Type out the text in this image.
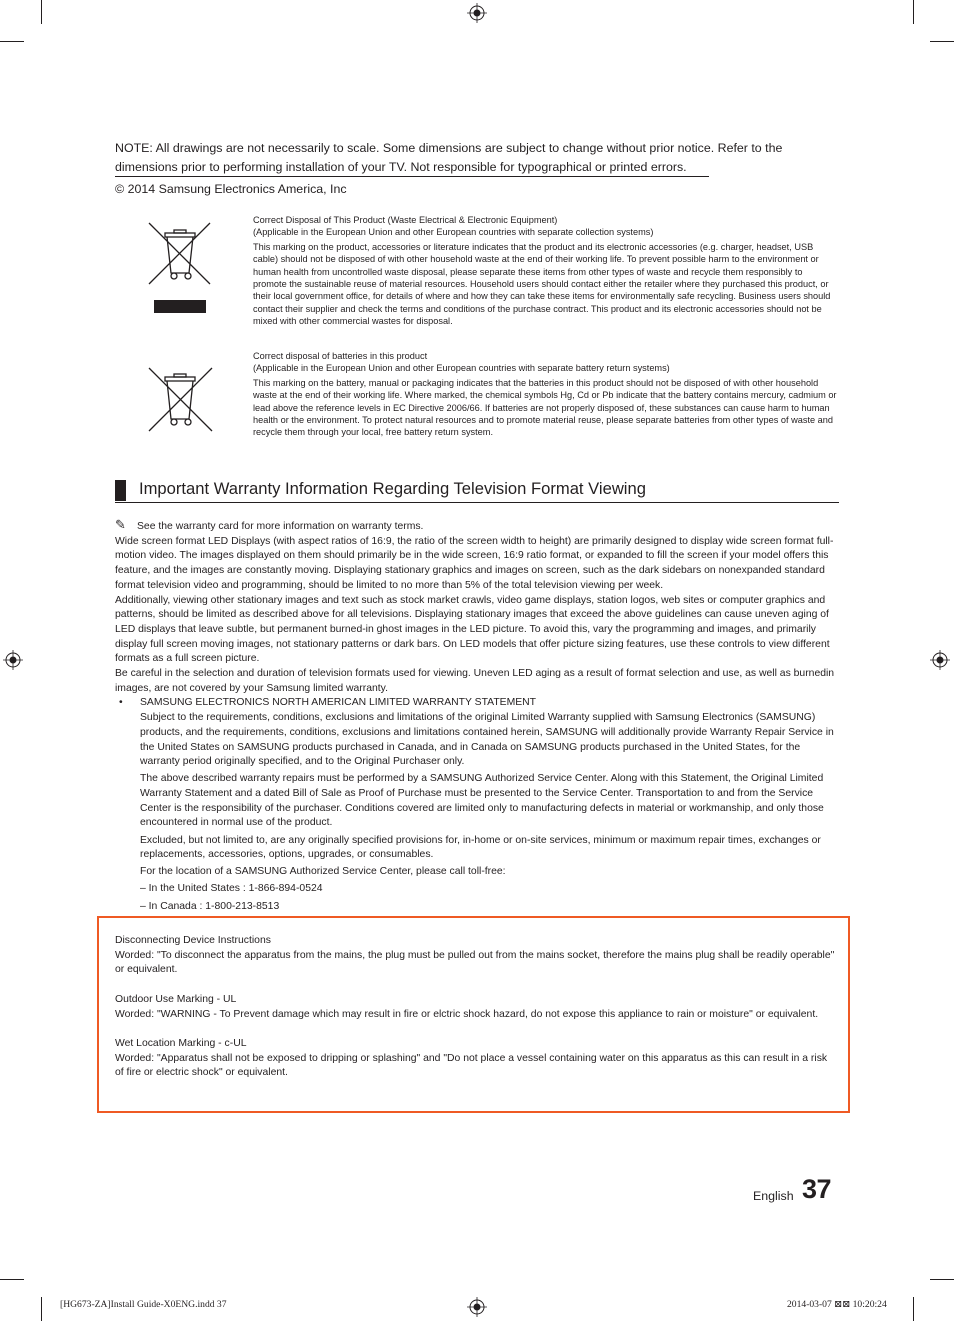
NOTE: All drawings are not necessarily to scale. Some dimensions are subject to change without prior notice. Refer to the dimensions prior to performing installation of your TV. Not responsible for typographical or printed errors.
© 2014 Samsung Electronics America, Inc
Correct Disposal of This Product (Waste Electrical & Electronic Equipment)
(Applicable in the European Union and other European countries with separate collection systems)
This marking on the product, accessories or literature indicates that the product and its electronic accessories (e.g. charger, headset, USB cable) should not be disposed of with other household waste at the end of their working life. To prevent possible harm to the environment or human health from uncontrolled waste disposal, please separate these items from other types of waste and recycle them responsibly to promote the sustainable reuse of material resources. Household users should contact either the retailer where they purchased this product, or their local government office, for details of where and how they can take these items for environmentally safe recycling. Business users should contact their supplier and check the terms and conditions of the purchase contract. This product and its electronic accessories should not be mixed with other commercial wastes for disposal.
Correct disposal of batteries in this product
(Applicable in the European Union and other European countries with separate battery return systems)
This marking on the battery, manual or packaging indicates that the batteries in this product should not be disposed of with other household waste at the end of their working life. Where marked, the chemical symbols Hg, Cd or Pb indicate that the battery contains mercury, cadmium or lead above the reference levels in EC Directive 2006/66. If batteries are not properly disposed of, these substances can cause harm to human health or the environment. To protect natural resources and to promote material reuse, please separate batteries from other types of waste and recycle them through your local, free battery return system.
Important Warranty Information Regarding Television Format Viewing

✎ See the warranty card for more information on warranty terms.

Wide screen format LED Displays (with aspect ratios of 16:9, the ratio of the screen width to height) are primarily designed to display wide screen format full-motion video. The images displayed on them should primarily be in the wide screen, 16:9 ratio format, or expanded to fill the screen if your model offers this feature, and the images are constantly moving. Displaying stationary graphics and images on screen, such as the dark sidebars on nonexpanded standard format television video and programming, should be limited to no more than 5% of the total television viewing per week.

Additionally, viewing other stationary images and text such as stock market crawls, video game displays, station logos, web sites or computer graphics and patterns, should be limited as described above for all televisions. Displaying stationary images that exceed the above guidelines can cause uneven aging of LED displays that leave subtle, but permanent burned-in ghost images in the LED picture. To avoid this, vary the programming and images, and primarily display full screen moving images, not stationary patterns or dark bars. On LED models that offer picture sizing features, use these controls to view different formats as a full screen picture.

Be careful in the selection and duration of television formats used for viewing. Uneven LED aging as a result of format selection and use, as well as burnedin images, are not covered by your Samsung limited warranty.

• SAMSUNG ELECTRONICS NORTH AMERICAN LIMITED WARRANTY STATEMENT

Subject to the requirements, conditions, exclusions and limitations of the original Limited Warranty supplied with Samsung Electronics (SAMSUNG) products, and the requirements, conditions, exclusions and limitations contained herein, SAMSUNG will additionally provide Warranty Repair Service in the United States on SAMSUNG products purchased in Canada, and in Canada on SAMSUNG products purchased in the United States, for the warranty period originally specified, and to the Original Purchaser only.

The above described warranty repairs must be performed by a SAMSUNG Authorized Service Center. Along with this Statement, the Original Limited Warranty Statement and a dated Bill of Sale as Proof of Purchase must be presented to the Service Center. Transportation to and from the Service Center is the responsibility of the purchaser. Conditions covered are limited only to manufacturing defects in material or workmanship, and only those encountered in normal use of the product.

Excluded, but not limited to, are any originally specified provisions for, in-home or on-site services, minimum or maximum repair times, exchanges or replacements, accessories, options, upgrades, or consumables.

For the location of a SAMSUNG Authorized Service Center, please call toll-free:

– In the United States : 1-866-894-0524

– In Canada : 1-800-213-8513

Disconnecting Device Instructions

Worded: "To disconnect the apparatus from the mains, the plug must be pulled out from the mains socket, therefore the mains plug shall be readily operable" or equivalent.

Outdoor Use Marking - UL

Worded: "WARNING - To Prevent damage which may result in fire or elctric shock hazard, do not expose this appliance to rain or moisture" or equivalent.

Wet Location Marking - c-UL

Worded: "Apparatus shall not be exposed to dripping or splashing" and "Do not place a vessel containing water on this apparatus as this can result in a risk of fire or electric shock" or equivalent.

English 37
[HG673-ZA]Install Guide-X0ENG.indd 37	2014-03-07 ⊠⊠ 10:20:24
